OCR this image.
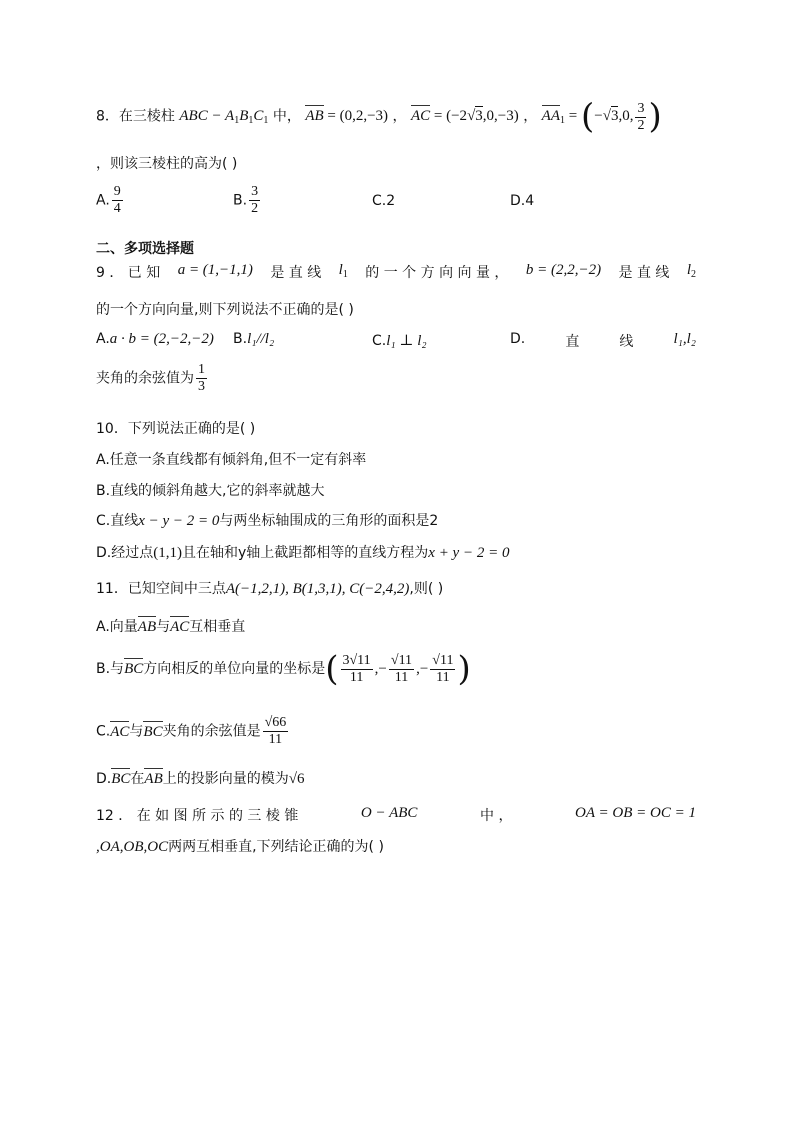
8．在三棱柱 ABC − $A_1B_1C_1$ 中， AB = (0,2,−3) ， AC = (−2√3,0,−3) ， $AA_1 = (-√3,0$, $\frac{3}{2}$ )
，则该三棱柱的高为( )
A. $\frac{9}{4}$	B. $\frac{3}{2}$	C.2	D.4
二、多项选择题
9 ． 已 知 a = (1,−1,1) 是 直 线 $l_1$ 的 一 个 方 向 向 量 ， b = (2,2,−2) 是 直 线 $l_2$
的一个方向向量,则下列说法不正确的是( )
A.a · b = (2,−2,−2) B.l₁//l₂	C.l₁ ⊥ l₂	D.	直	线	l₁,l₂
夹角的余弦值为 $\frac{1}{3}$
10．下列说法正确的是( )
A.任意一条直线都有倾斜角,但不一定有斜率
B.直线的倾斜角越大,它的斜率就越大
C.直线x − y − 2 = 0与两坐标轴围成的三角形的面积是2
D.经过点(1,1)且在轴和y轴上截距都相等的直线方程为x + y − 2 = 0
11．已知空间中三点A(−1,2,1), B(1,3,1), C(−2,4,2),则( )
A.向量AB与AC互相垂直
B.与BC方向相反的单位向量的坐标是( $\frac{3√11}{11}$ ,− $\frac{√11}{11}$ ,− $\frac{√11}{11}$ )
C.AC与BC夹角的余弦值是 $\frac{√66}{11}$
D.BC在AB上的投影向量的模为√6
12 ． 在 如 图 所 示 的 三 棱 锥	O − ABC	中 ，	OA = OB = OC = 1
,OA,OB,OC两两互相垂直,下列结论正确的为( )
